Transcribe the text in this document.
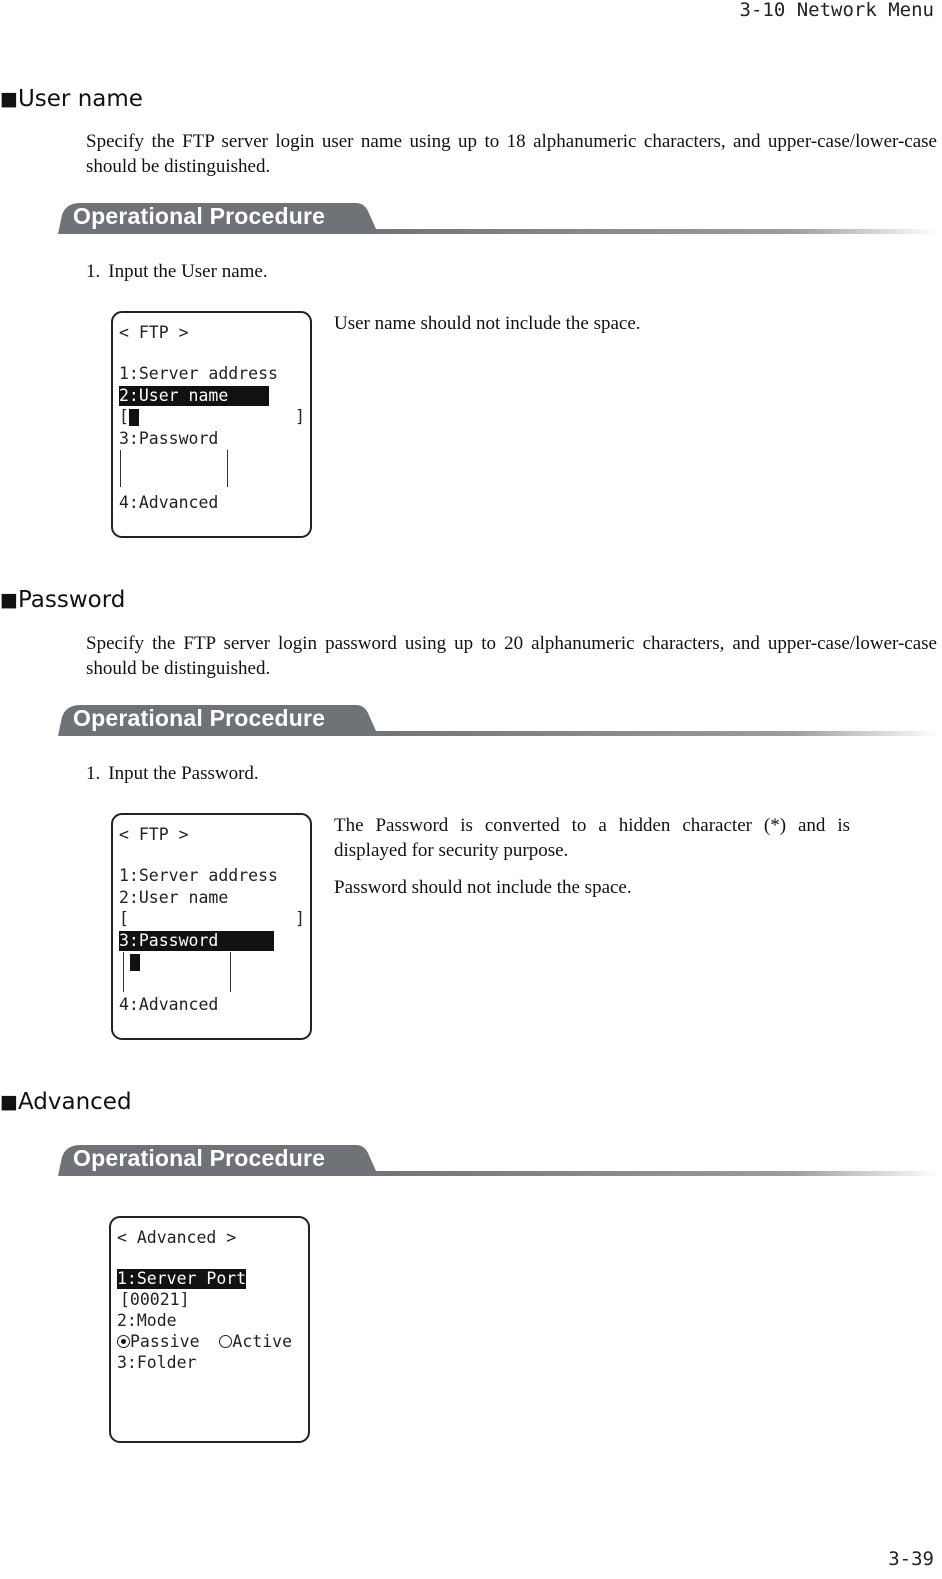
3-10 Network Menu
■User name
Specify the FTP server login user name using up to 18 alphanumeric characters, and upper-case/lower-case should be distinguished.
Operational Procedure
1. Input the User name.
User name should not include the space.
< FTP >
1:Server address
2:User name
[	]
3:Password
4:Advanced
■Password
Specify the FTP server login password using up to 20 alphanumeric characters, and upper-case/lower-case should be distinguished.
Operational Procedure
1. Input the Password.
The Password is converted to a hidden character (*) and is displayed for security purpose.
Password should not include the space.
< FTP >
1:Server address
2:User name
[	]
3:Password
4:Advanced
■Advanced
Operational Procedure
< Advanced >
1:Server Port
[00021]
2:Mode
Passive Active
3:Folder
3-39
